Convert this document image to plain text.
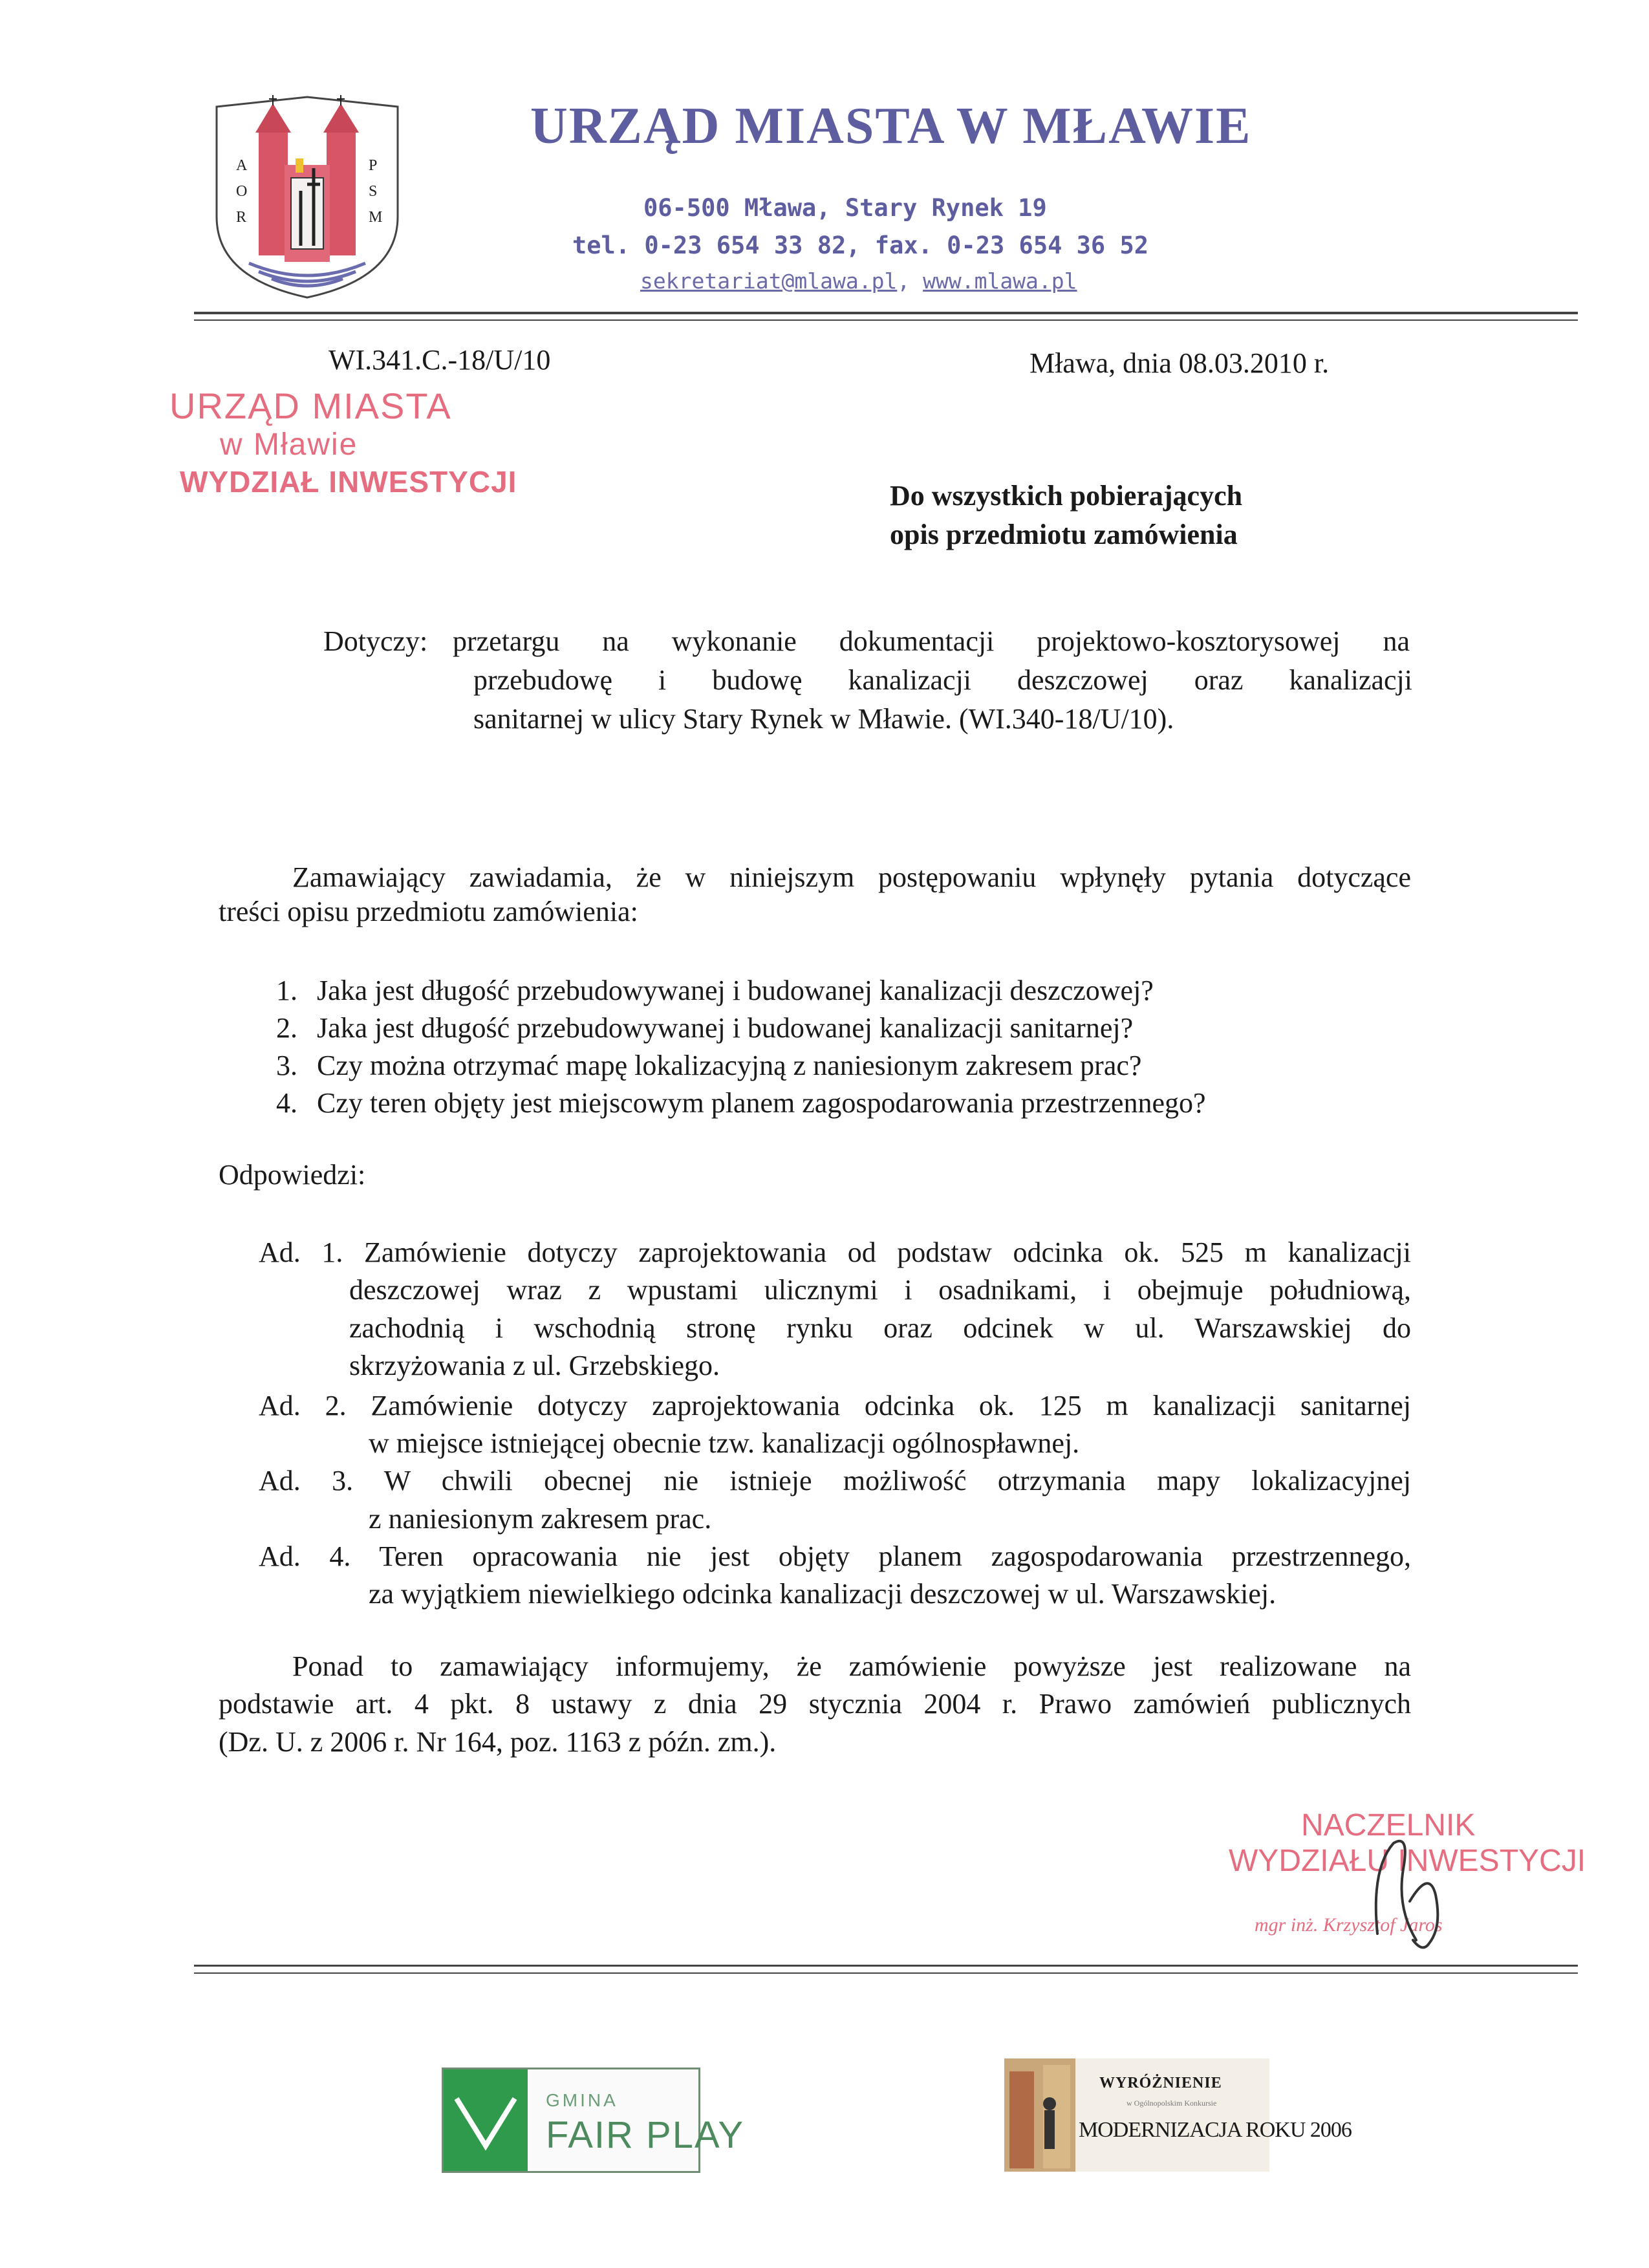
A
O
R
P
S
M
URZĄD MIASTA W MŁAWIE
06-500 Mława, Stary Rynek 19
tel. 0-23 654 33 82, fax. 0-23 654 36 52
sekretariat@mlawa.pl, www.mlawa.pl
WI.341.C.-18/U/10	Mława, dnia 08.03.2010 r.
URZĄD MIASTA
w Mławie
WYDZIAŁ INWESTYCJI	Do wszystkich pobierających
opis przedmiotu zamówienia
Dotyczy: przetargu na wykonanie dokumentacji projektowo-kosztorysowej na
przebudowę i budowę kanalizacji deszczowej oraz kanalizacji
sanitarnej w ulicy Stary Rynek w Mławie. (WI.340-18/U/10).
Zamawiający zawiadamia, że w niniejszym postępowaniu wpłynęły pytania dotyczące
treści opisu przedmiotu zamówienia:
1. Jaka jest długość przebudowywanej i budowanej kanalizacji deszczowej?
2. Jaka jest długość przebudowywanej i budowanej kanalizacji sanitarnej?
3. Czy można otrzymać mapę lokalizacyjną z naniesionym zakresem prac?
4. Czy teren objęty jest miejscowym planem zagospodarowania przestrzennego?
Odpowiedzi:
Ad. 1. Zamówienie dotyczy zaprojektowania od podstaw odcinka ok. 525 m kanalizacji
deszczowej wraz z wpustami ulicznymi i osadnikami, i obejmuje południową,
zachodnią i wschodnią stronę rynku oraz odcinek w ul. Warszawskiej do
skrzyżowania z ul. Grzebskiego.
Ad. 2. Zamówienie dotyczy zaprojektowania odcinka ok. 125 m kanalizacji sanitarnej
w miejsce istniejącej obecnie tzw. kanalizacji ogólnospławnej.
Ad. 3. W chwili obecnej nie istnieje możliwość otrzymania mapy lokalizacyjnej
z naniesionym zakresem prac.
Ad. 4. Teren opracowania nie jest objęty planem zagospodarowania przestrzennego,
za wyjątkiem niewielkiego odcinka kanalizacji deszczowej w ul. Warszawskiej.
Ponad to zamawiający informujemy, że zamówienie powyższe jest realizowane na
podstawie art. 4 pkt. 8 ustawy z dnia 29 stycznia 2004 r. Prawo zamówień publicznych
(Dz. U. z 2006 r. Nr 164, poz. 1163 z późn. zm.).
NACZELNIK
WYDZIAŁU INWESTYCJI
mgr inż. Krzysztof Jaros
GMINA
FAIR PLAY
WYRÓŻNIENIE
w Ogólnopolskim Konkursie
MODERNIZACJA ROKU 2006
